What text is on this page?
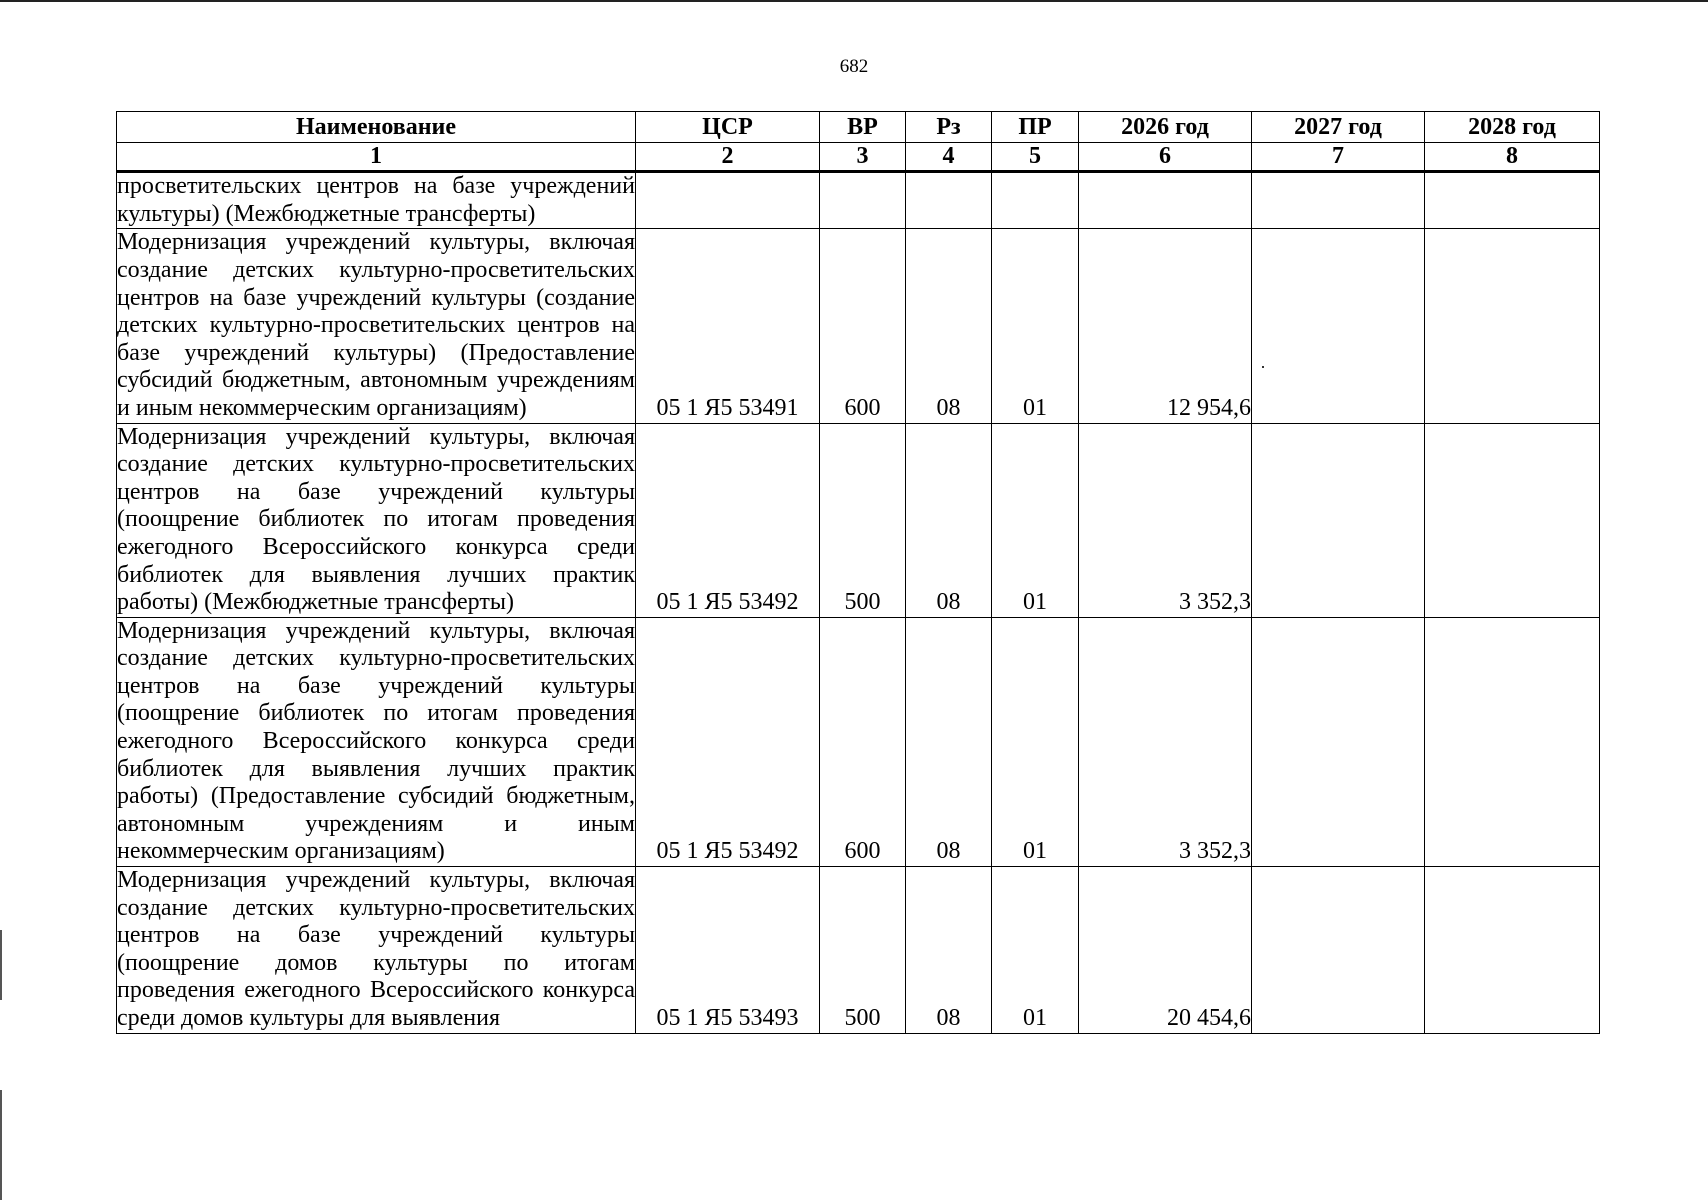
682
Наименование	ЦСР	ВР	Рз	ПР	2026 год	2027 год	2028 год
1	2	3	4	5	6	7	8
просветительских центров на базе учреждений культуры) (Межбюджетные трансферты)							
Модернизация учреждений культуры, включая создание детских культурно-просветительских центров на базе учреждений культуры (создание детских культурно-просветительских центров на базе учреждений культуры) (Предоставление субсидий бюджетным, автономным учреждениям и иным некоммерческим организациям)	05 1 Я5 53491	600	08	01	12 954,6		
Модернизация учреждений культуры, включая создание детских культурно-просветительских центров на базе учреждений культуры (поощрение библиотек по итогам проведения ежегодного Всероссийского конкурса среди библиотек для выявления лучших практик работы) (Межбюджетные трансферты)	05 1 Я5 53492	500	08	01	3 352,3		
Модернизация учреждений культуры, включая создание детских культурно-просветительских центров на базе учреждений культуры (поощрение библиотек по итогам проведения ежегодного Всероссийского конкурса среди библиотек для выявления лучших практик работы) (Предоставление субсидий бюджетным, автономным учреждениям и иным некоммерческим организациям)	05 1 Я5 53492	600	08	01	3 352,3		
Модернизация учреждений культуры, включая создание детских культурно-просветительских центров на базе учреждений культуры (поощрение домов культуры по итогам проведения ежегодного Всероссийского конкурса среди домов культуры для выявления	05 1 Я5 53493	500	08	01	20 454,6		
